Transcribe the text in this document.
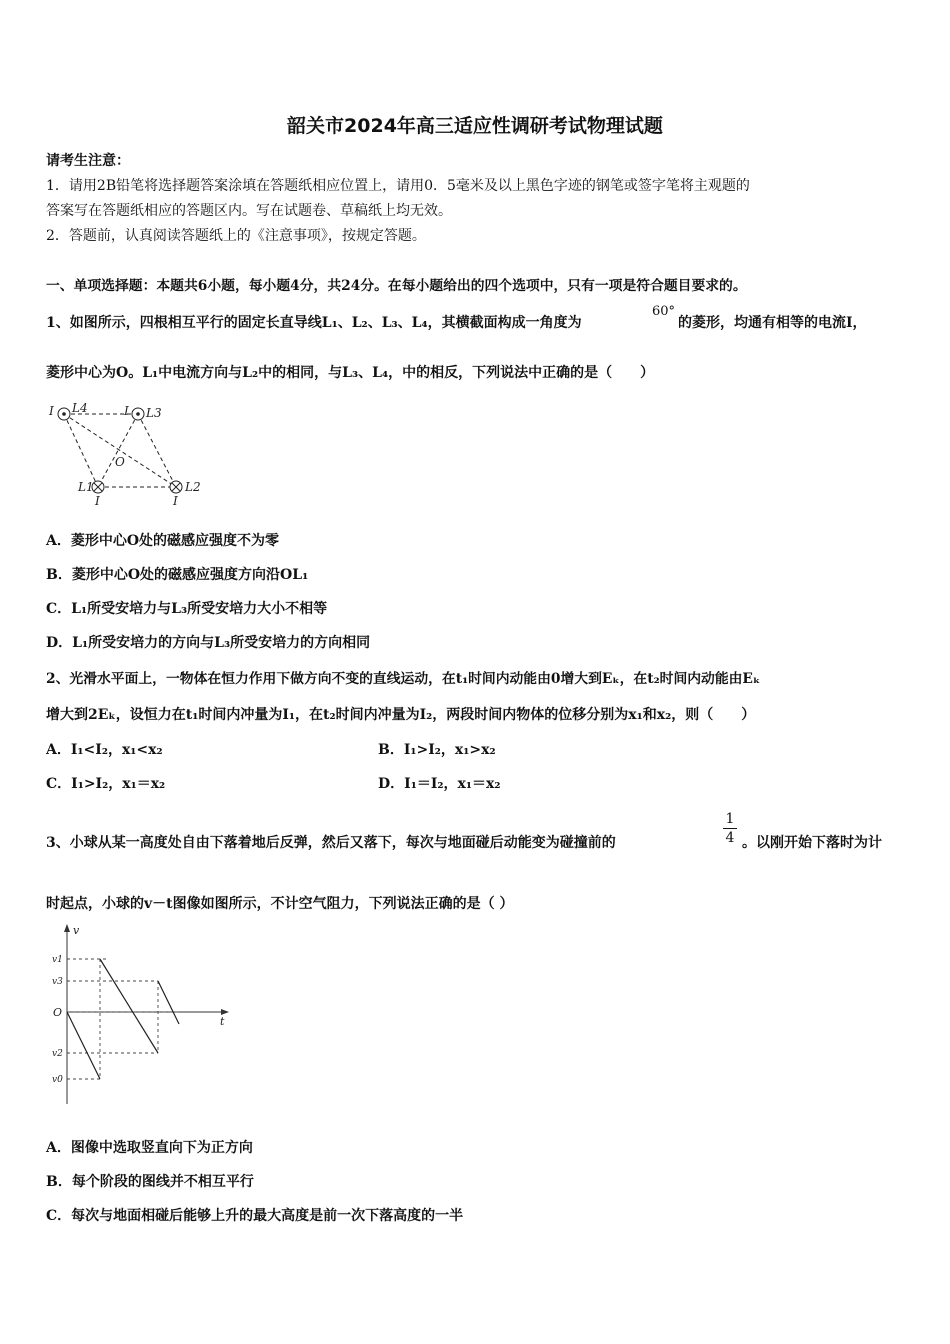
韶关市2024年高三适应性调研考试物理试题
请考生注意：
1．请用2B铅笔将选择题答案涂填在答题纸相应位置上，请用0．5毫米及以上黑色字迹的钢笔或签字笔将主观题的
答案写在答题纸相应的答题区内。写在试题卷、草稿纸上均无效。
2．答题前，认真阅读答题纸上的《注意事项》，按规定答题。
一、单项选择题：本题共6小题，每小题4分，共24分。在每小题给出的四个选项中，只有一项是符合题目要求的。
1、如图所示，四根相互平行的固定长直导线L₁、L₂、L₃、L₄，其横截面构成一角度为
60°
的菱形，均通有相等的电流I，
菱形中心为O。L₁中电流方向与L₂中的相同，与L₃、L₄，中的相反，下列说法中正确的是（　　）
I L4	I L3
O
L1	L2
I	I
A．菱形中心O处的磁感应强度不为零
B．菱形中心O处的磁感应强度方向沿OL₁
C．L₁所受安培力与L₃所受安培力大小不相等
D．L₁所受安培力的方向与L₃所受安培力的方向相同
2、光滑水平面上，一物体在恒力作用下做方向不变的直线运动，在t₁时间内动能由0增大到Eₖ，在t₂时间内动能由Eₖ
增大到2Eₖ，设恒力在t₁时间内冲量为I₁，在t₂时间内冲量为I₂，两段时间内物体的位移分别为x₁和x₂，则（　　）
A．I₁<I₂，x₁<x₂	B．I₁>I₂，x₁>x₂
C．I₁>I₂，x₁＝x₂	D．I₁＝I₂，x₁＝x₂
3、小球从某一高度处自由下落着地后反弹，然后又落下，每次与地面碰后动能变为碰撞前的
1
4 。以刚开始下落时为计
时起点，小球的v－t图像如图所示，不计空气阻力，下列说法正确的是（ ）
v
t
O
v1
v3
v2
v0
A．图像中选取竖直向下为正方向
B．每个阶段的图线并不相互平行
C．每次与地面相碰后能够上升的最大高度是前一次下落高度的一半
